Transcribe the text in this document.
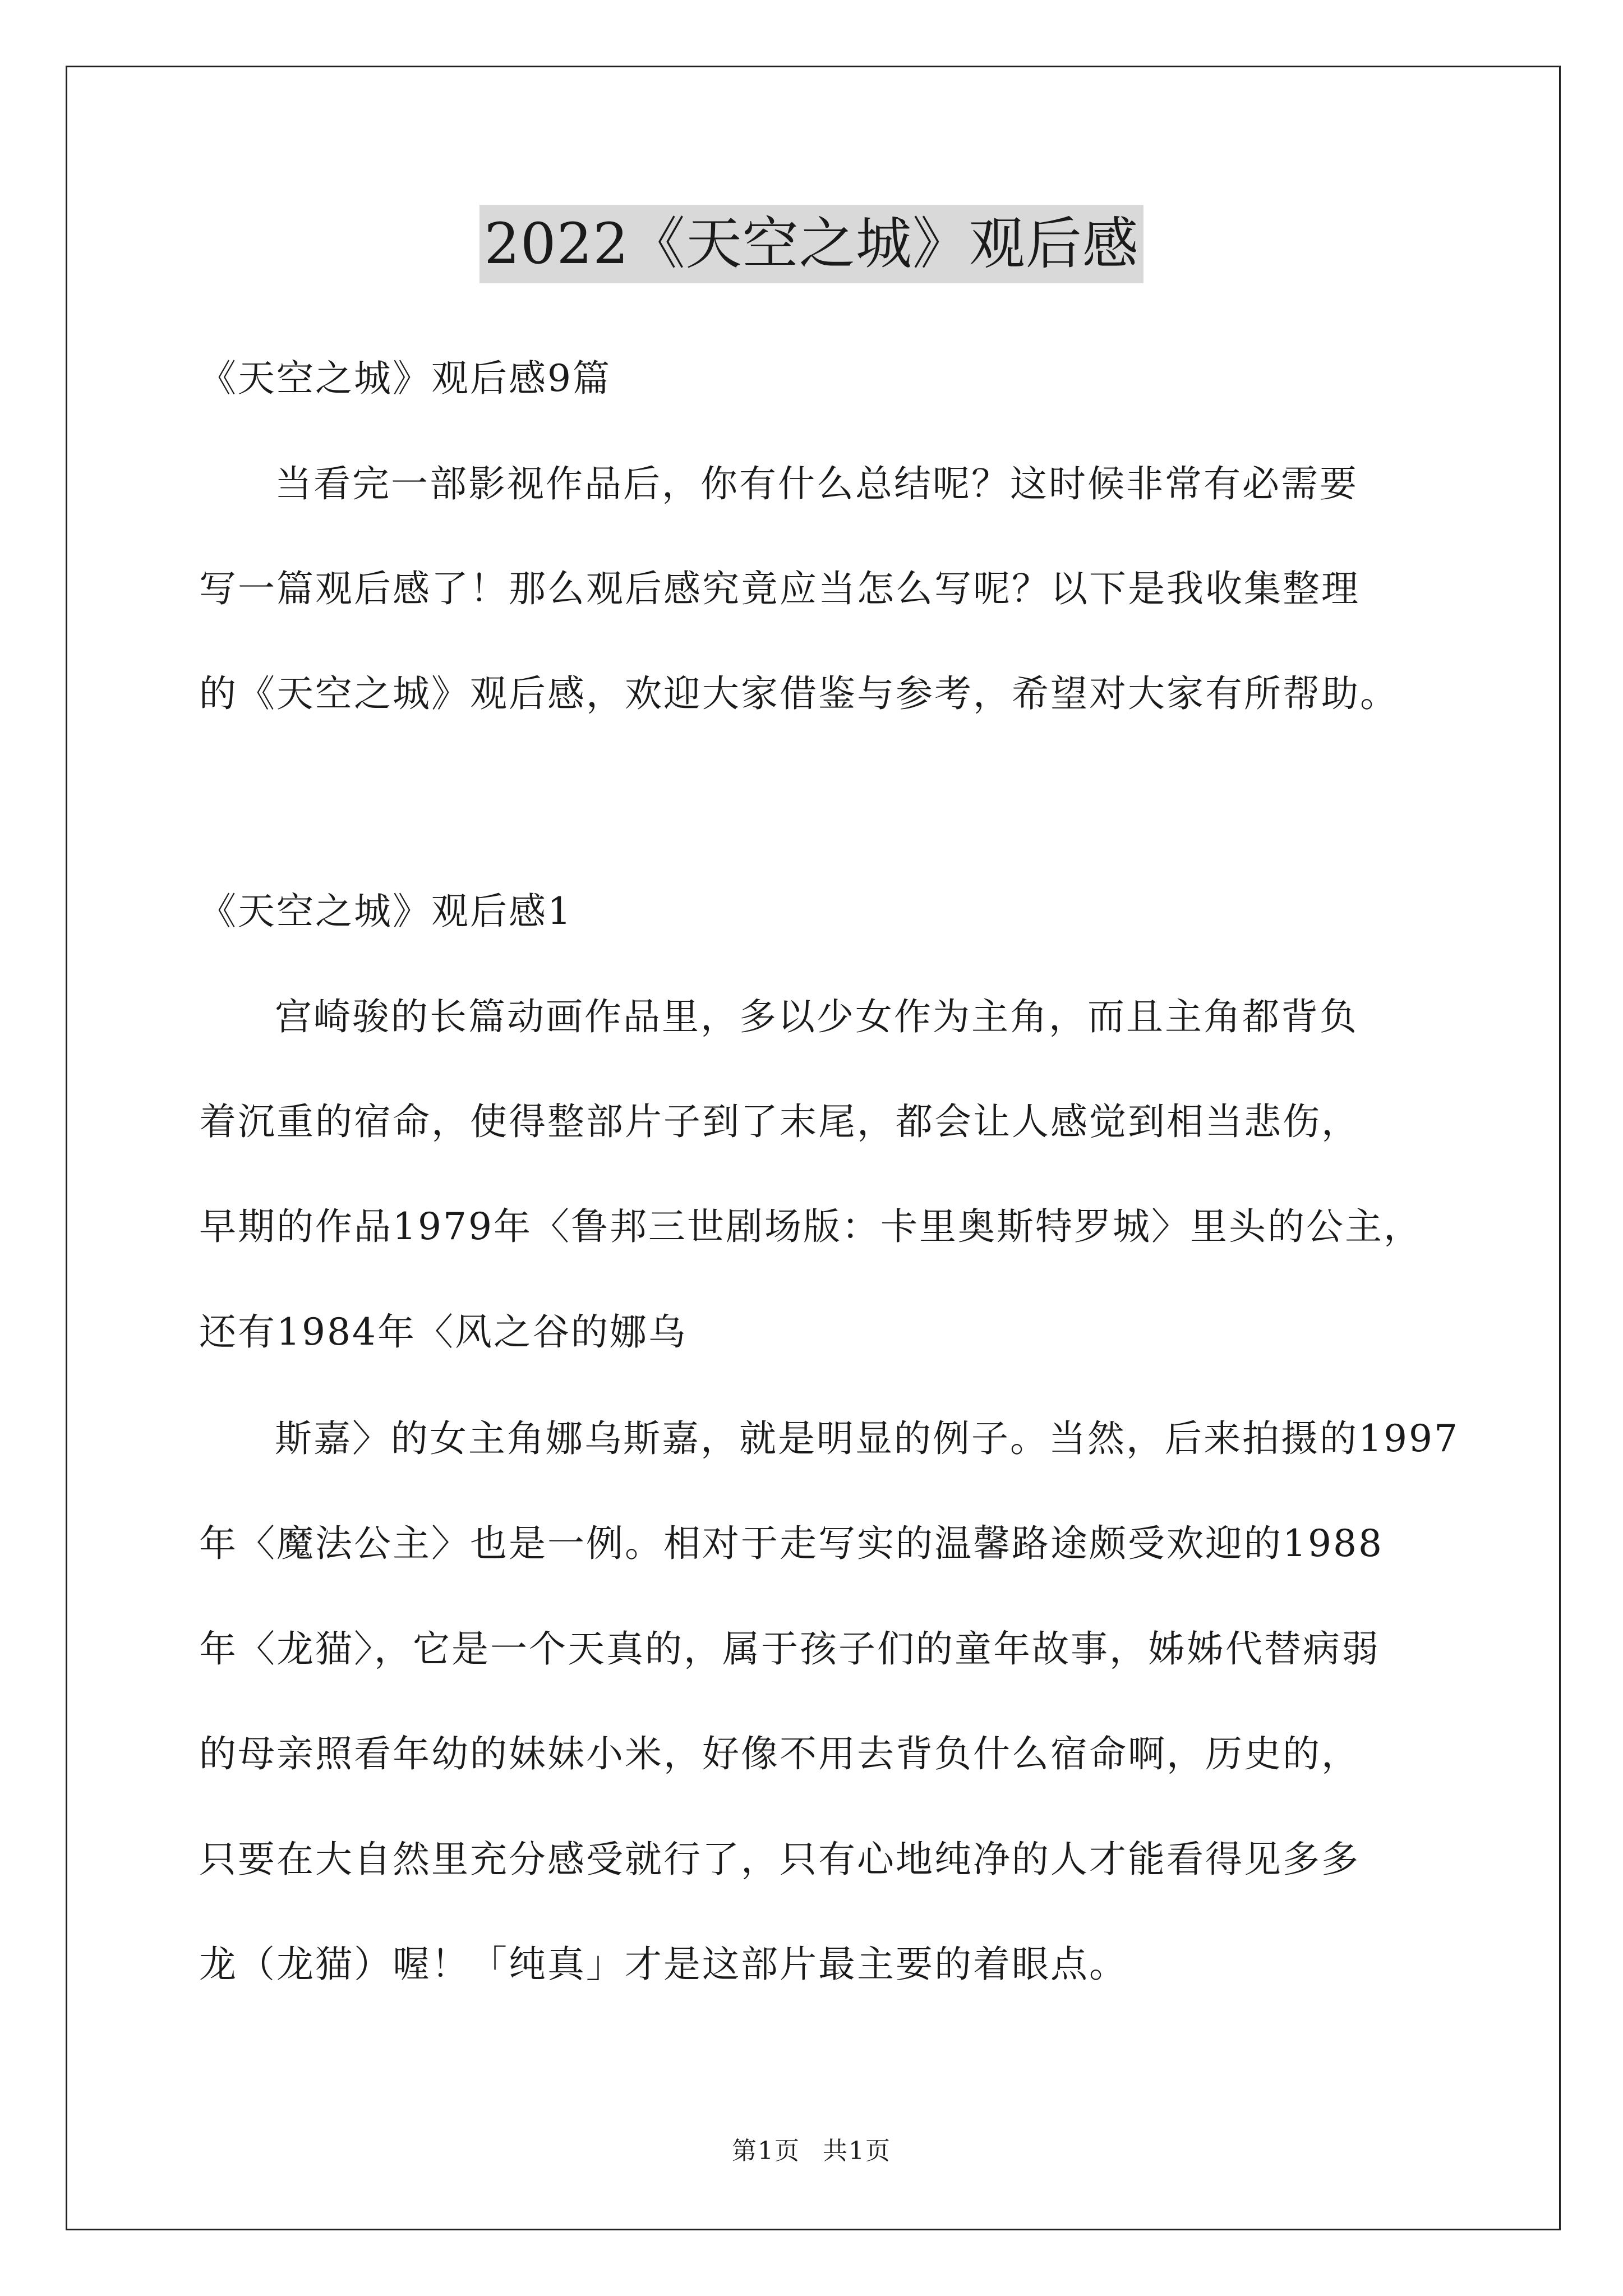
2022《天空之城》观后感
《天空之城》观后感9篇
当看完一部影视作品后，你有什么总结呢？这时候非常有必需要
写一篇观后感了！那么观后感究竟应当怎么写呢？以下是我收集整理
的《天空之城》观后感，欢迎大家借鉴与参考，希望对大家有所帮助。
《天空之城》观后感1
宫崎骏的长篇动画作品里，多以少女作为主角，而且主角都背负
着沉重的宿命，使得整部片子到了末尾，都会让人感觉到相当悲伤，
早期的作品1979年〈鲁邦三世剧场版：卡里奥斯特罗城〉里头的公主，
还有1984年〈风之谷的娜乌
斯嘉〉的女主角娜乌斯嘉，就是明显的例子。当然，后来拍摄的1997
年〈魔法公主〉也是一例。相对于走写实的温馨路途颇受欢迎的1988
年〈龙猫〉，它是一个天真的，属于孩子们的童年故事，姊姊代替病弱
的母亲照看年幼的妹妹小米，好像不用去背负什么宿命啊，历史的，
只要在大自然里充分感受就行了，只有心地纯净的人才能看得见多多
龙（龙猫）喔！「纯真」才是这部片最主要的着眼点。
第1页 共1页
